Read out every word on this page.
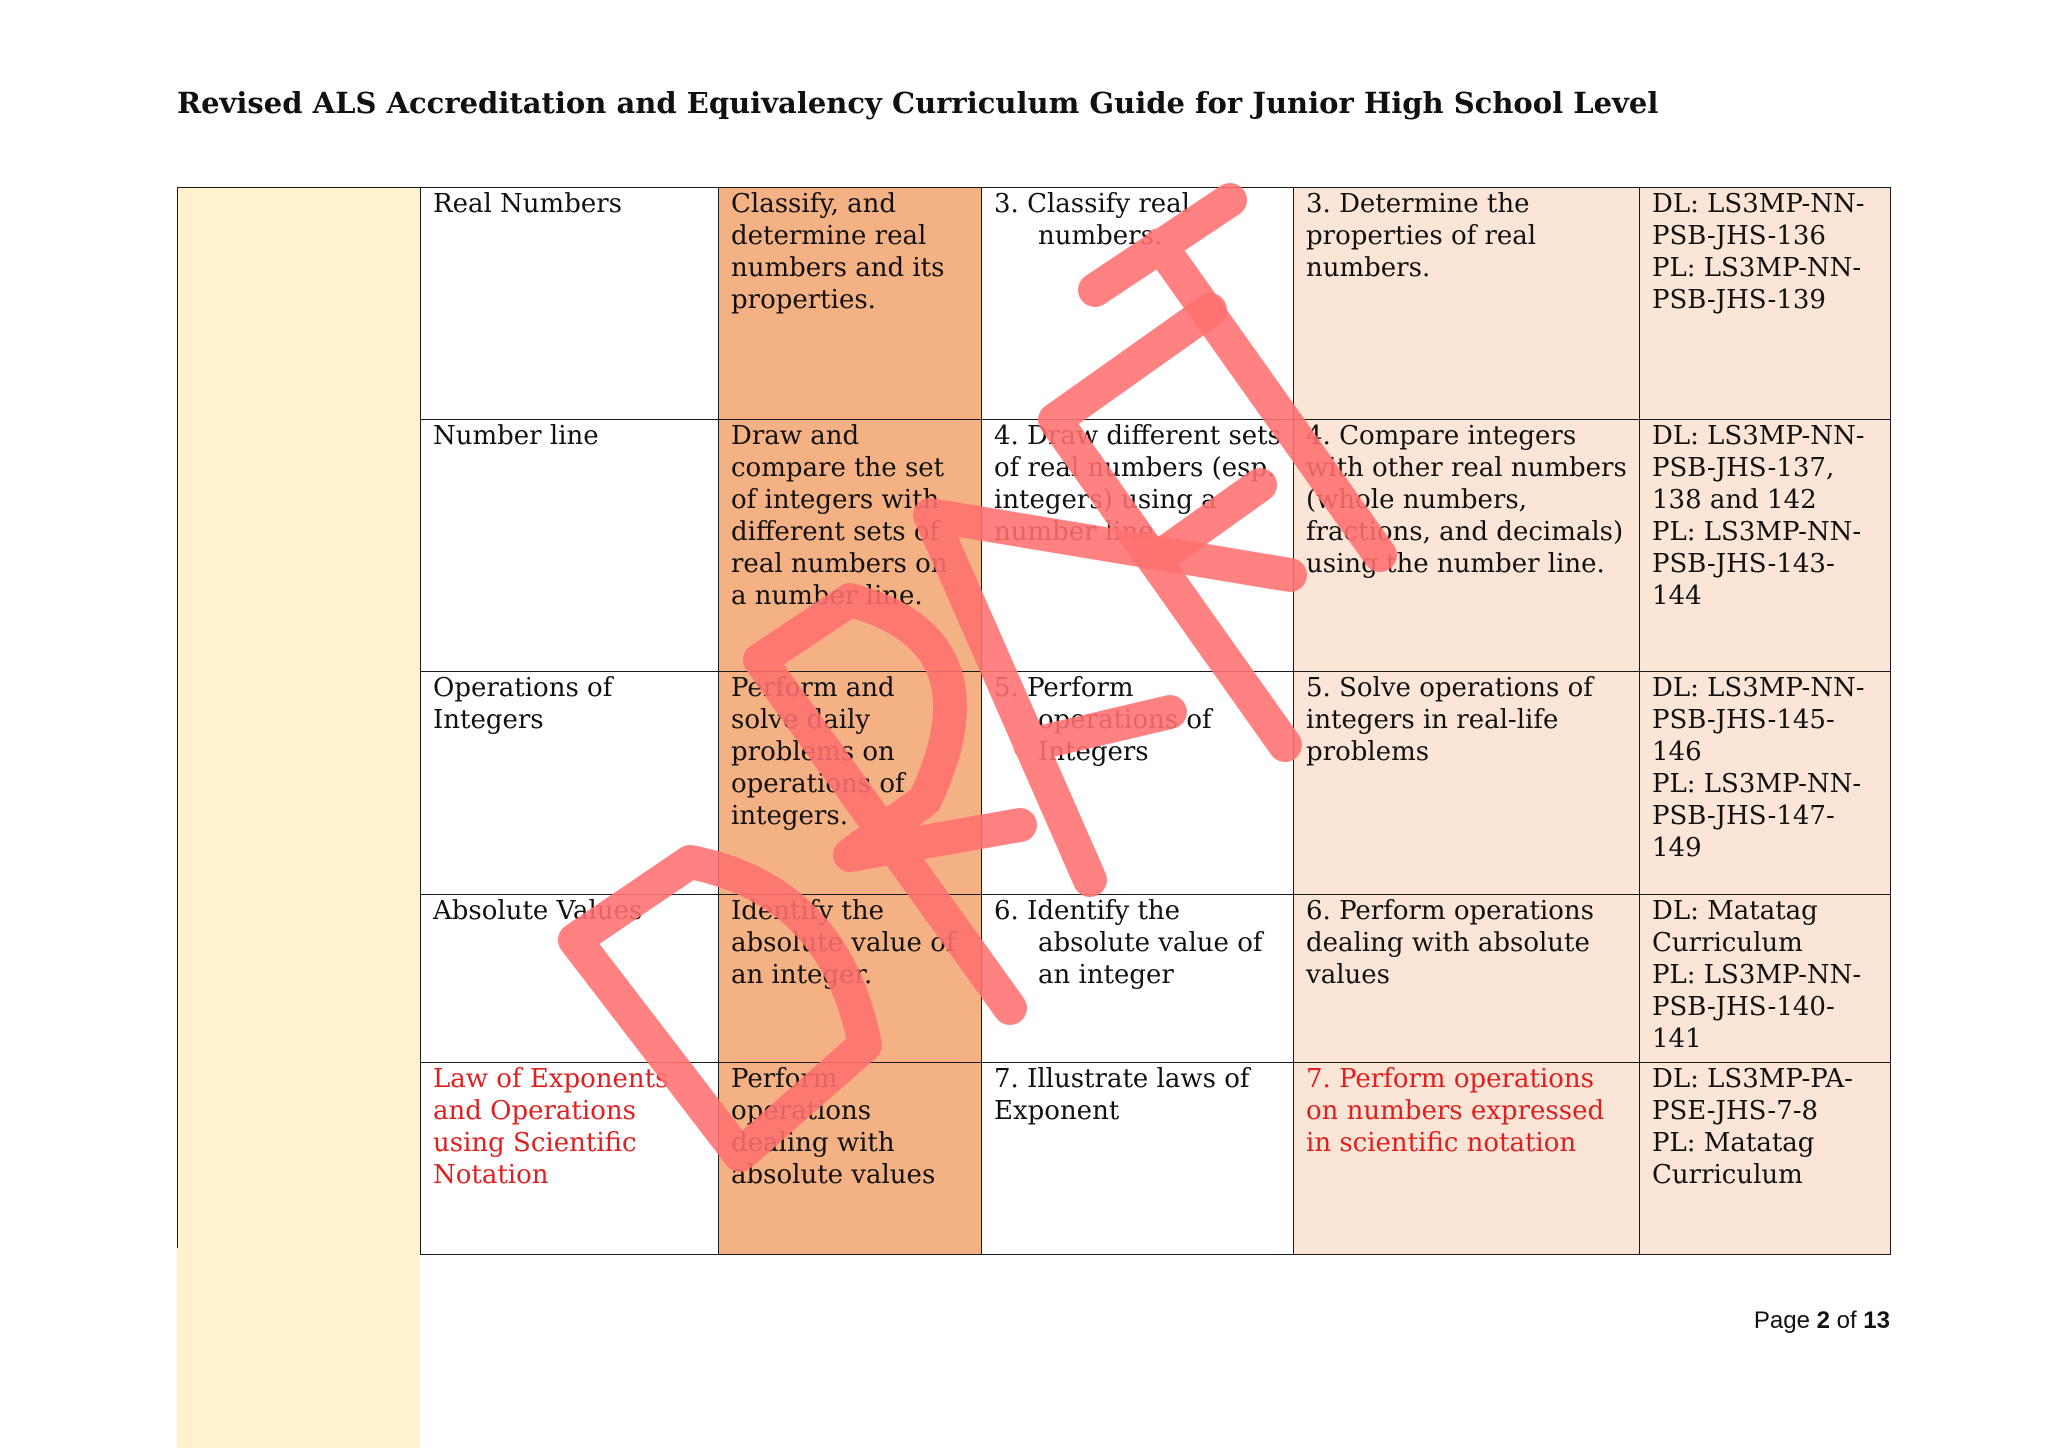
Revised ALS Accreditation and Equivalency Curriculum Guide for Junior High School Level
	Real Numbers	Classify, and determine real numbers and its properties.	3. Classify real numbers.	3. Determine the properties of real numbers.	DL: LS3MP-NN-PSB-JHS-136
PL: LS3MP-NN-PSB-JHS-139

	Number line	Draw and compare the set of integers with different sets of real numbers on a number line.	4. Draw different sets of real numbers (esp. integers) using a number line.	4. Compare integers with other real numbers (whole numbers, fractions, and decimals) using the number line.	DL: LS3MP-NN-PSB-JHS-137, 138 and 142
PL: LS3MP-NN-PSB-JHS-143-144

	Operations of Integers	Perform and solve daily problems on operations of integers.	5. Perform operations of Integers	5. Solve operations of integers in real-life problems	DL: LS3MP-NN-PSB-JHS-145-146
PL: LS3MP-NN-PSB-JHS-147-149

	Absolute Values	Identify the absolute value of an integer.	6. Identify the absolute value of an integer	6. Perform operations dealing with absolute values	DL: Matatag Curriculum
PL: LS3MP-NN-PSB-JHS-140-141

	Law of Exponents and Operations using Scientific Notation	Perform operations dealing with absolute values	7. Illustrate laws of Exponent	7. Perform operations on numbers expressed in scientific notation	DL: LS3MP-PA-PSE-JHS-7-8
PL: Matatag Curriculum
Page 2 of 13
